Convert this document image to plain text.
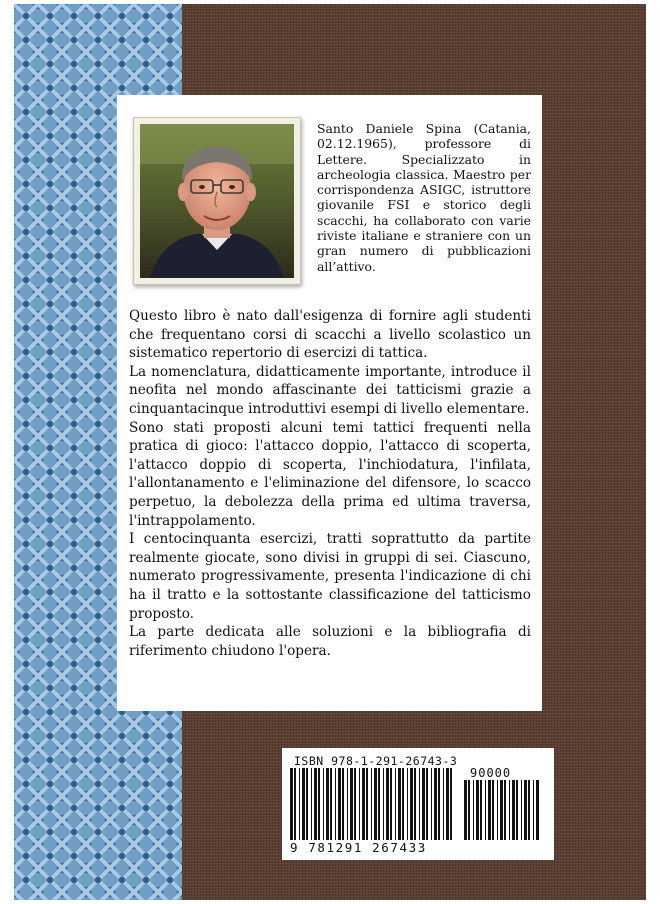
Santo Daniele Spina (Catania, 02.12.1965), professore di Lettere. Specializzato in archeologia classica. Maestro per corrispondenza ASIGC, istruttore giovanile FSI e storico degli scacchi, ha collaborato con varie riviste italiane e straniere con un gran numero di pubblicazioni all’attivo.

Questo libro è nato dall'esigenza di fornire agli studenti che frequentano corsi di scacchi a livello scolastico un sistematico repertorio di esercizi di tattica.

La nomenclatura, didatticamente importante, introduce il neofita nel mondo affascinante dei tatticismi grazie a cinquantacinque introduttivi esempi di livello elementare.

Sono stati proposti alcuni temi tattici frequenti nella pratica di gioco: l'attacco doppio, l'attacco di scoperta, l'attacco doppio di scoperta, l'inchiodatura, l'infilata, l'allontanamento e l'eliminazione del difensore, lo scacco perpetuo, la debolezza della prima ed ultima traversa, l'intrappolamento.

I centocinquanta esercizi, tratti soprattutto da partite realmente giocate, sono divisi in gruppi di sei. Ciascuno, numerato progressivamente, presenta l'indicazione di chi ha il tratto e la sottostante classificazione del tatticismo proposto.

La parte dedicata alle soluzioni e la bibliografia di riferimento chiudono l'opera.

ISBN 978-1-291-26743-3
90000
9 781291 267433
